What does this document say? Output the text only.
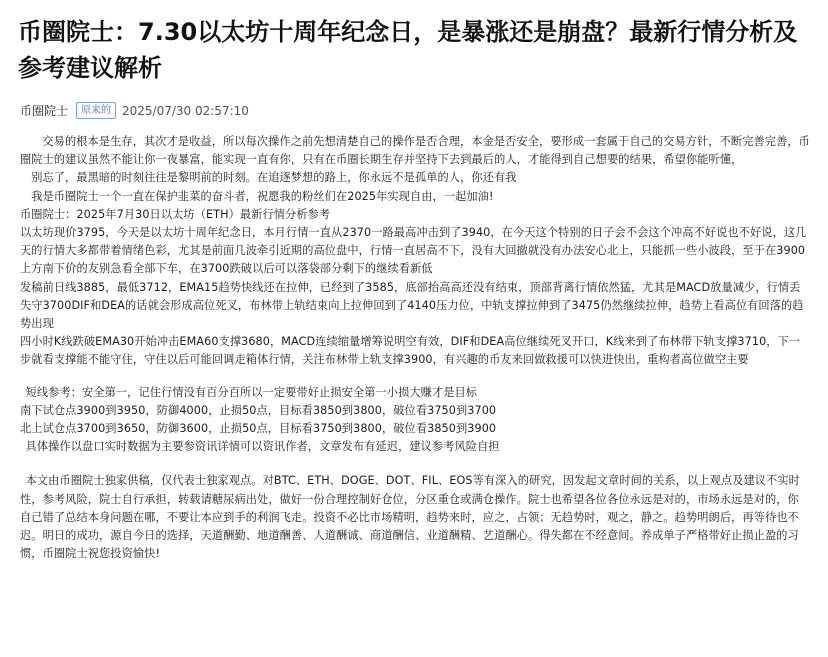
币圈院士：7.30以太坊十周年纪念日，是暴涨还是崩盘？最新行情分析及参考建议解析
币圈院士	原来的 2025/07/30 02:57:10

交易的根本是生存，其次才是收益，所以每次操作之前先想清楚自己的操作是否合理，本金是否安全，要形成一套属于自己的交易方针，不断完善完善，币圈院士的建议虽然不能让你一夜暴富，能实现一直有你，只有在币圈长期生存并坚持下去到最后的人，才能得到自己想要的结果，希望你能听懂，

别忘了，最黑暗的时刻往往是黎明前的时刻。在追逐梦想的路上，你永远不是孤单的人，你还有我

我是币圈院士一个一直在保护韭菜的奋斗者，祝愿我的粉丝们在2025年实现自由，一起加油!

币圈院士：2025年7月30日以太坊（ETH）最新行情分析参考

以太坊现价3795，今天是以太坊十周年纪念日，本月行情一直从2370一路最高冲击到了3940，在今天这个特别的日子会不会这个冲高不好说也不好说，这几天的行情大多都带着情绪色彩，尤其是前面几波牵引近期的高位盘中，行情一直居高不下，没有大回撤就没有办法安心北上，只能抓一些小波段，至于在3900上方南下价的友别急看全部下车，在3700跌破以后可以落袋部分剩下的继续看新低

发稿前日线3885，最低3712，EMA15趋势快线还在拉伸，已经到了3585，底部抬高高还没有结束，顶部背离行情依然猛，尤其是MACD放量减少，行情丢失守3700DIF和DEA的话就会形成高位死叉，布林带上轨结束向上拉伸回到了4140压力位，中轨支撑拉伸到了3475仍然继续拉伸，趋势上看高位有回落的趋势出现

四小时K线跌破EMA30开始冲击EMA60支撑3680，MACD连续缩量增筹说明空有效，DIF和DEA高位继续死叉开口，K线来到了布林带下轨支撑3710，下一步就看支撑能不能守住，守住以后可能回调走箱体行情，关注布林带上轨支撑3900，有兴趣的币友来回做救援可以快进快出，重构者高位做空主要

短线参考：安全第一，记住行情没有百分百所以一定要带好止损安全第一小损大赚才是目标

南下试仓点3900到3950，防御4000，止损50点，目标看3850到3800，破位看3750到3700

北上试仓点3700到3650，防御3600，止损50点，目标看3750到3800，破位看3850到3900

具体操作以盘口实时数据为主要参资讯详情可以资讯作者，文章发布有延迟，建议参考风险自担

本文由币圈院士独家供稿，仅代表士独家观点。对BTC、ETH、DOGE、DOT、FIL、EOS等有深入的研究，因发起文章时间的关系，以上观点及建议不实时性，参考风险，院士自行承担，转载请糖尿病出处，做好一份合理控制好仓位，分区重仓或满仓操作。院士也希望各位各位永远是对的，市场永远是对的，你自己错了总结本身问题在哪，不要让本应到手的利润飞走。投资不必比市场精明，趋势来时，应之，占领；无趋势时，观之，静之。趋势明朗后，再等待也不迟。明日的成功，源自今日的选择，天道酬勤、地道酬善、人道酬诚、商道酬信、业道酬精、艺道酬心。得失都在不经意间。养成单子严格带好止损止盈的习惯，币圈院士祝您投资愉快!
